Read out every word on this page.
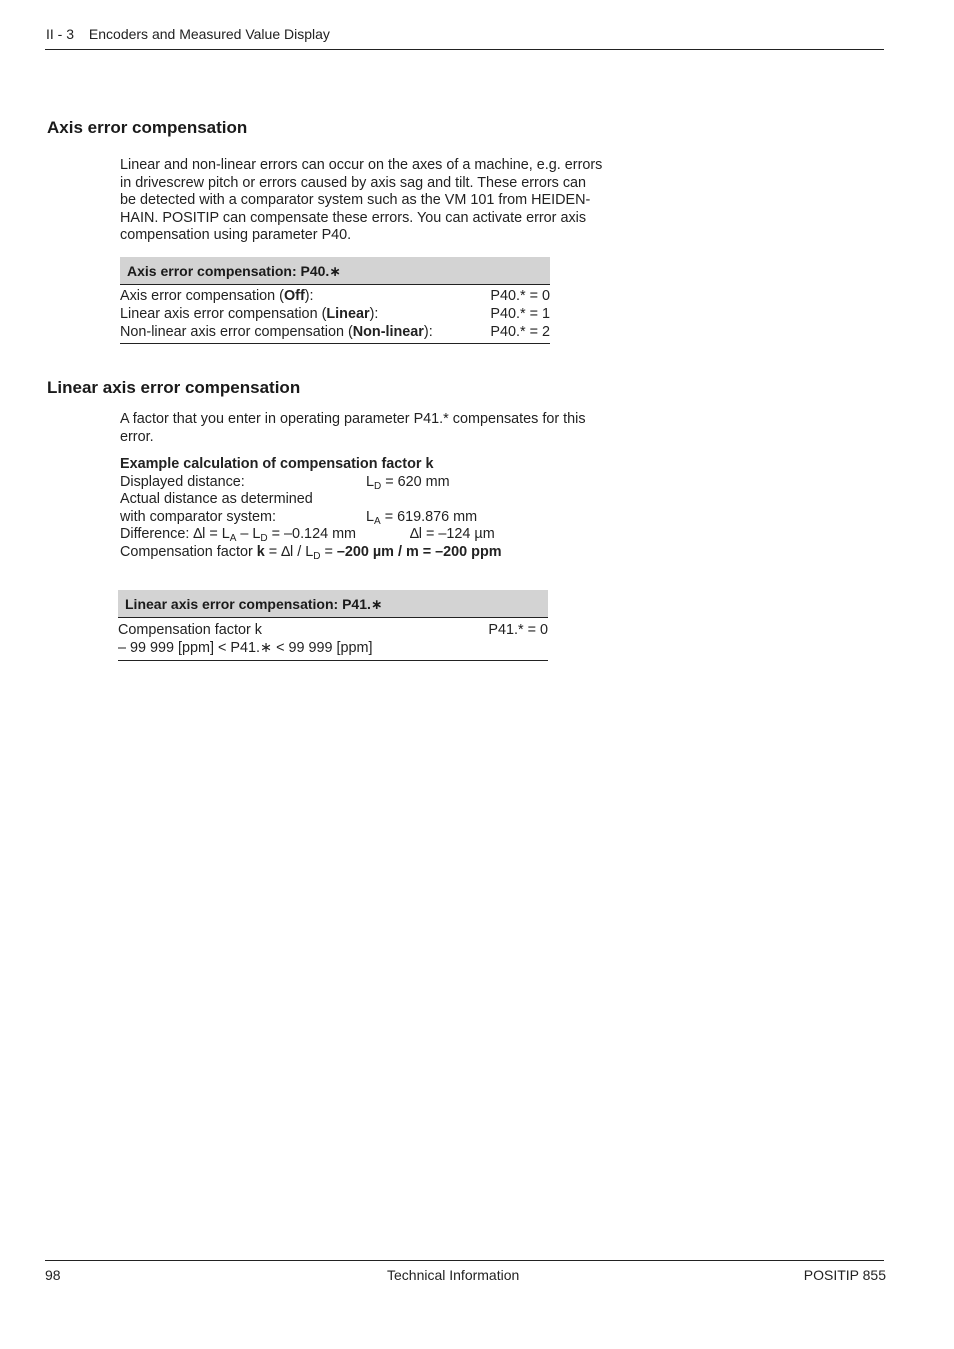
II - 3 Encoders and Measured Value Display
Axis error compensation

Linear and non-linear errors can occur on the axes of a machine, e.g. errors

in drivescrew pitch or errors caused by axis sag and tilt. These errors can

be detected with a comparator system such as the VM 101 from HEIDEN-

HAIN. POSITIP can compensate these errors. You can activate error axis

compensation using parameter P40.

Axis error compensation: P40.∗
Axis error compensation (Off):	P40.* = 0
Linear axis error compensation (Linear):	P40.* = 1
Non-linear axis error compensation (Non-linear):	P40.* = 2
Linear axis error compensation

A factor that you enter in operating parameter P41.* compensates for this

error.

Example calculation of compensation factor k
Displayed distance:	$L_D = 620$ mm
Actual distance as determined
with comparator system:	$L_A = 619.876$ mm
Difference: $\Delta l = L_A - L_D = -0.124$ mm	∆l = –124 µm
Compensation factor $k = \Delta l / L_D = -200$ µm / m = –200 ppm
Linear axis error compensation: P41.∗
Compensation factor k	P41.* = 0
– 99 999 [ppm] < P41.∗ < 99 999 [ppm]
98	Technical Information	POSITIP 855
